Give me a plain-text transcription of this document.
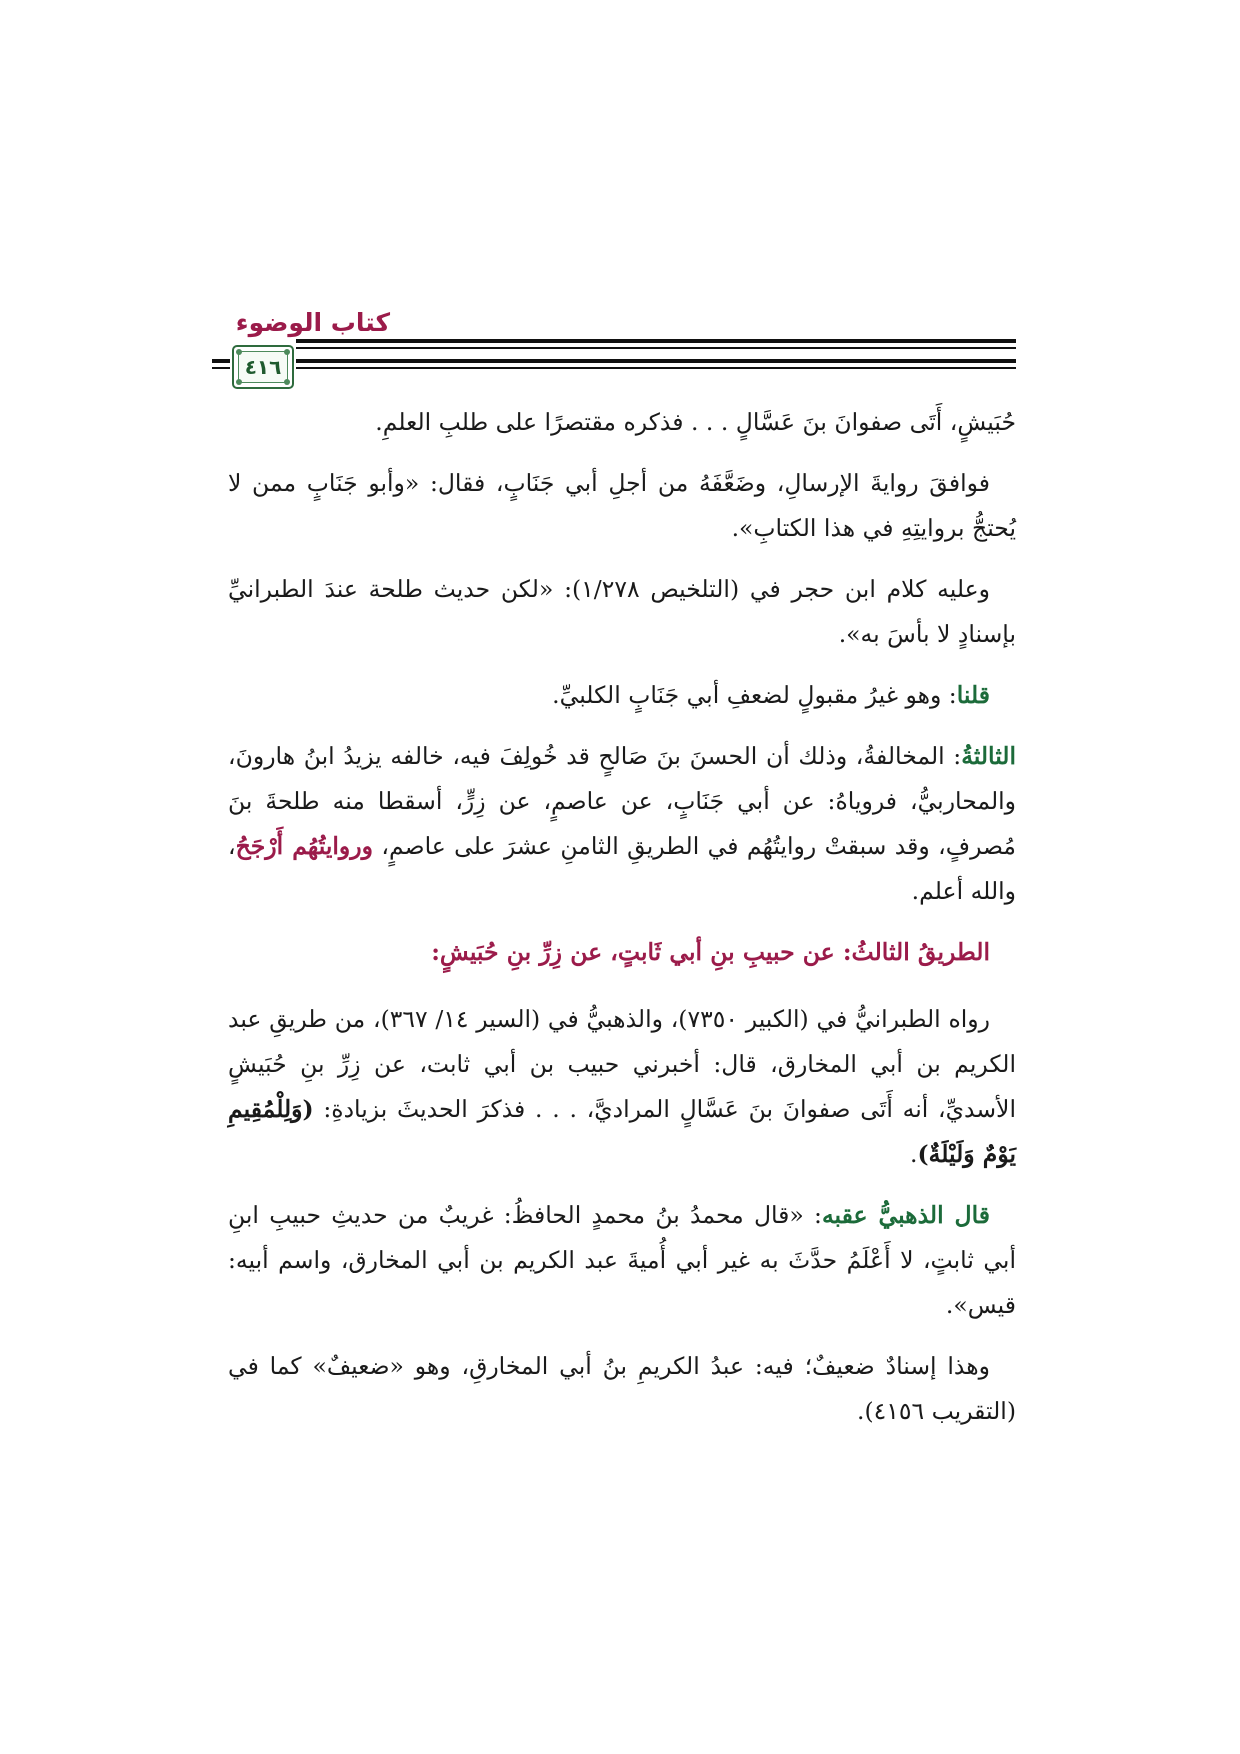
كتاب الوضوء
٤١٦

حُبَيشٍ، أَتَى صفوانَ بنَ عَسَّالٍ . . . فذكره مقتصرًا على طلبِ العلمِ.

فوافقَ روايةَ الإرسالِ، وضَعَّفَهُ من أجلِ أبي جَنَابٍ، فقال: «وأبو جَنَابٍ ممن لا يُحتجُّ بروايتِهِ في هذا الكتابِ».

وعليه كلام ابن حجر في (التلخيص ١/٢٧٨): «لكن حديث طلحة عندَ الطبرانيِّ بإسنادٍ لا بأسَ به».

قلنا: وهو غيرُ مقبولٍ لضعفِ أبي جَنَابٍ الكلبيِّ.

الثالثةُ: المخالفةُ، وذلك أن الحسنَ بنَ صَالحٍ قد خُولِفَ فيه، خالفه يزيدُ ابنُ هارونَ، والمحاربيُّ، فروياهُ: عن أبي جَنَابٍ، عن عاصمٍ، عن زِرٍّ، أسقطا منه طلحةَ بنَ مُصرفٍ، وقد سبقتْ روايتُهُم في الطريقِ الثامنِ عشرَ على عاصمٍ، وروايتُهُم أَرْجَحُ، والله أعلم.

الطريقُ الثالثُ: عن حبيبِ بنِ أبي ثَابتٍ، عن زِرِّ بنِ حُبَيشٍ:

رواه الطبرانيُّ في (الكبير ٧٣٥٠)، والذهبيُّ في (السير ١٤/ ٣٦٧)، من طريقِ عبد الكريم بن أبي المخارق، قال: أخبرني حبيب بن أبي ثابت، عن زِرِّ بنِ حُبَيشٍ الأسديِّ، أنه أَتَى صفوانَ بنَ عَسَّالٍ المراديَّ، . . . فذكرَ الحديثَ بزيادةِ: (وَلِلْمُقِيمِ يَوْمٌ وَلَيْلَةٌ).

قال الذهبيُّ عقبه: «قال محمدُ بنُ محمدٍ الحافظُ: غريبٌ من حديثِ حبيبِ ابنِ أبي ثابتٍ، لا أَعْلَمُ حدَّثَ به غير أبي أُميةَ عبد الكريم بن أبي المخارق، واسم أبيه: قيس».

وهذا إسنادٌ ضعيفٌ؛ فيه: عبدُ الكريمِ بنُ أبي المخارقِ، وهو «ضعيفٌ» كما في (التقريب ٤١٥٦).
